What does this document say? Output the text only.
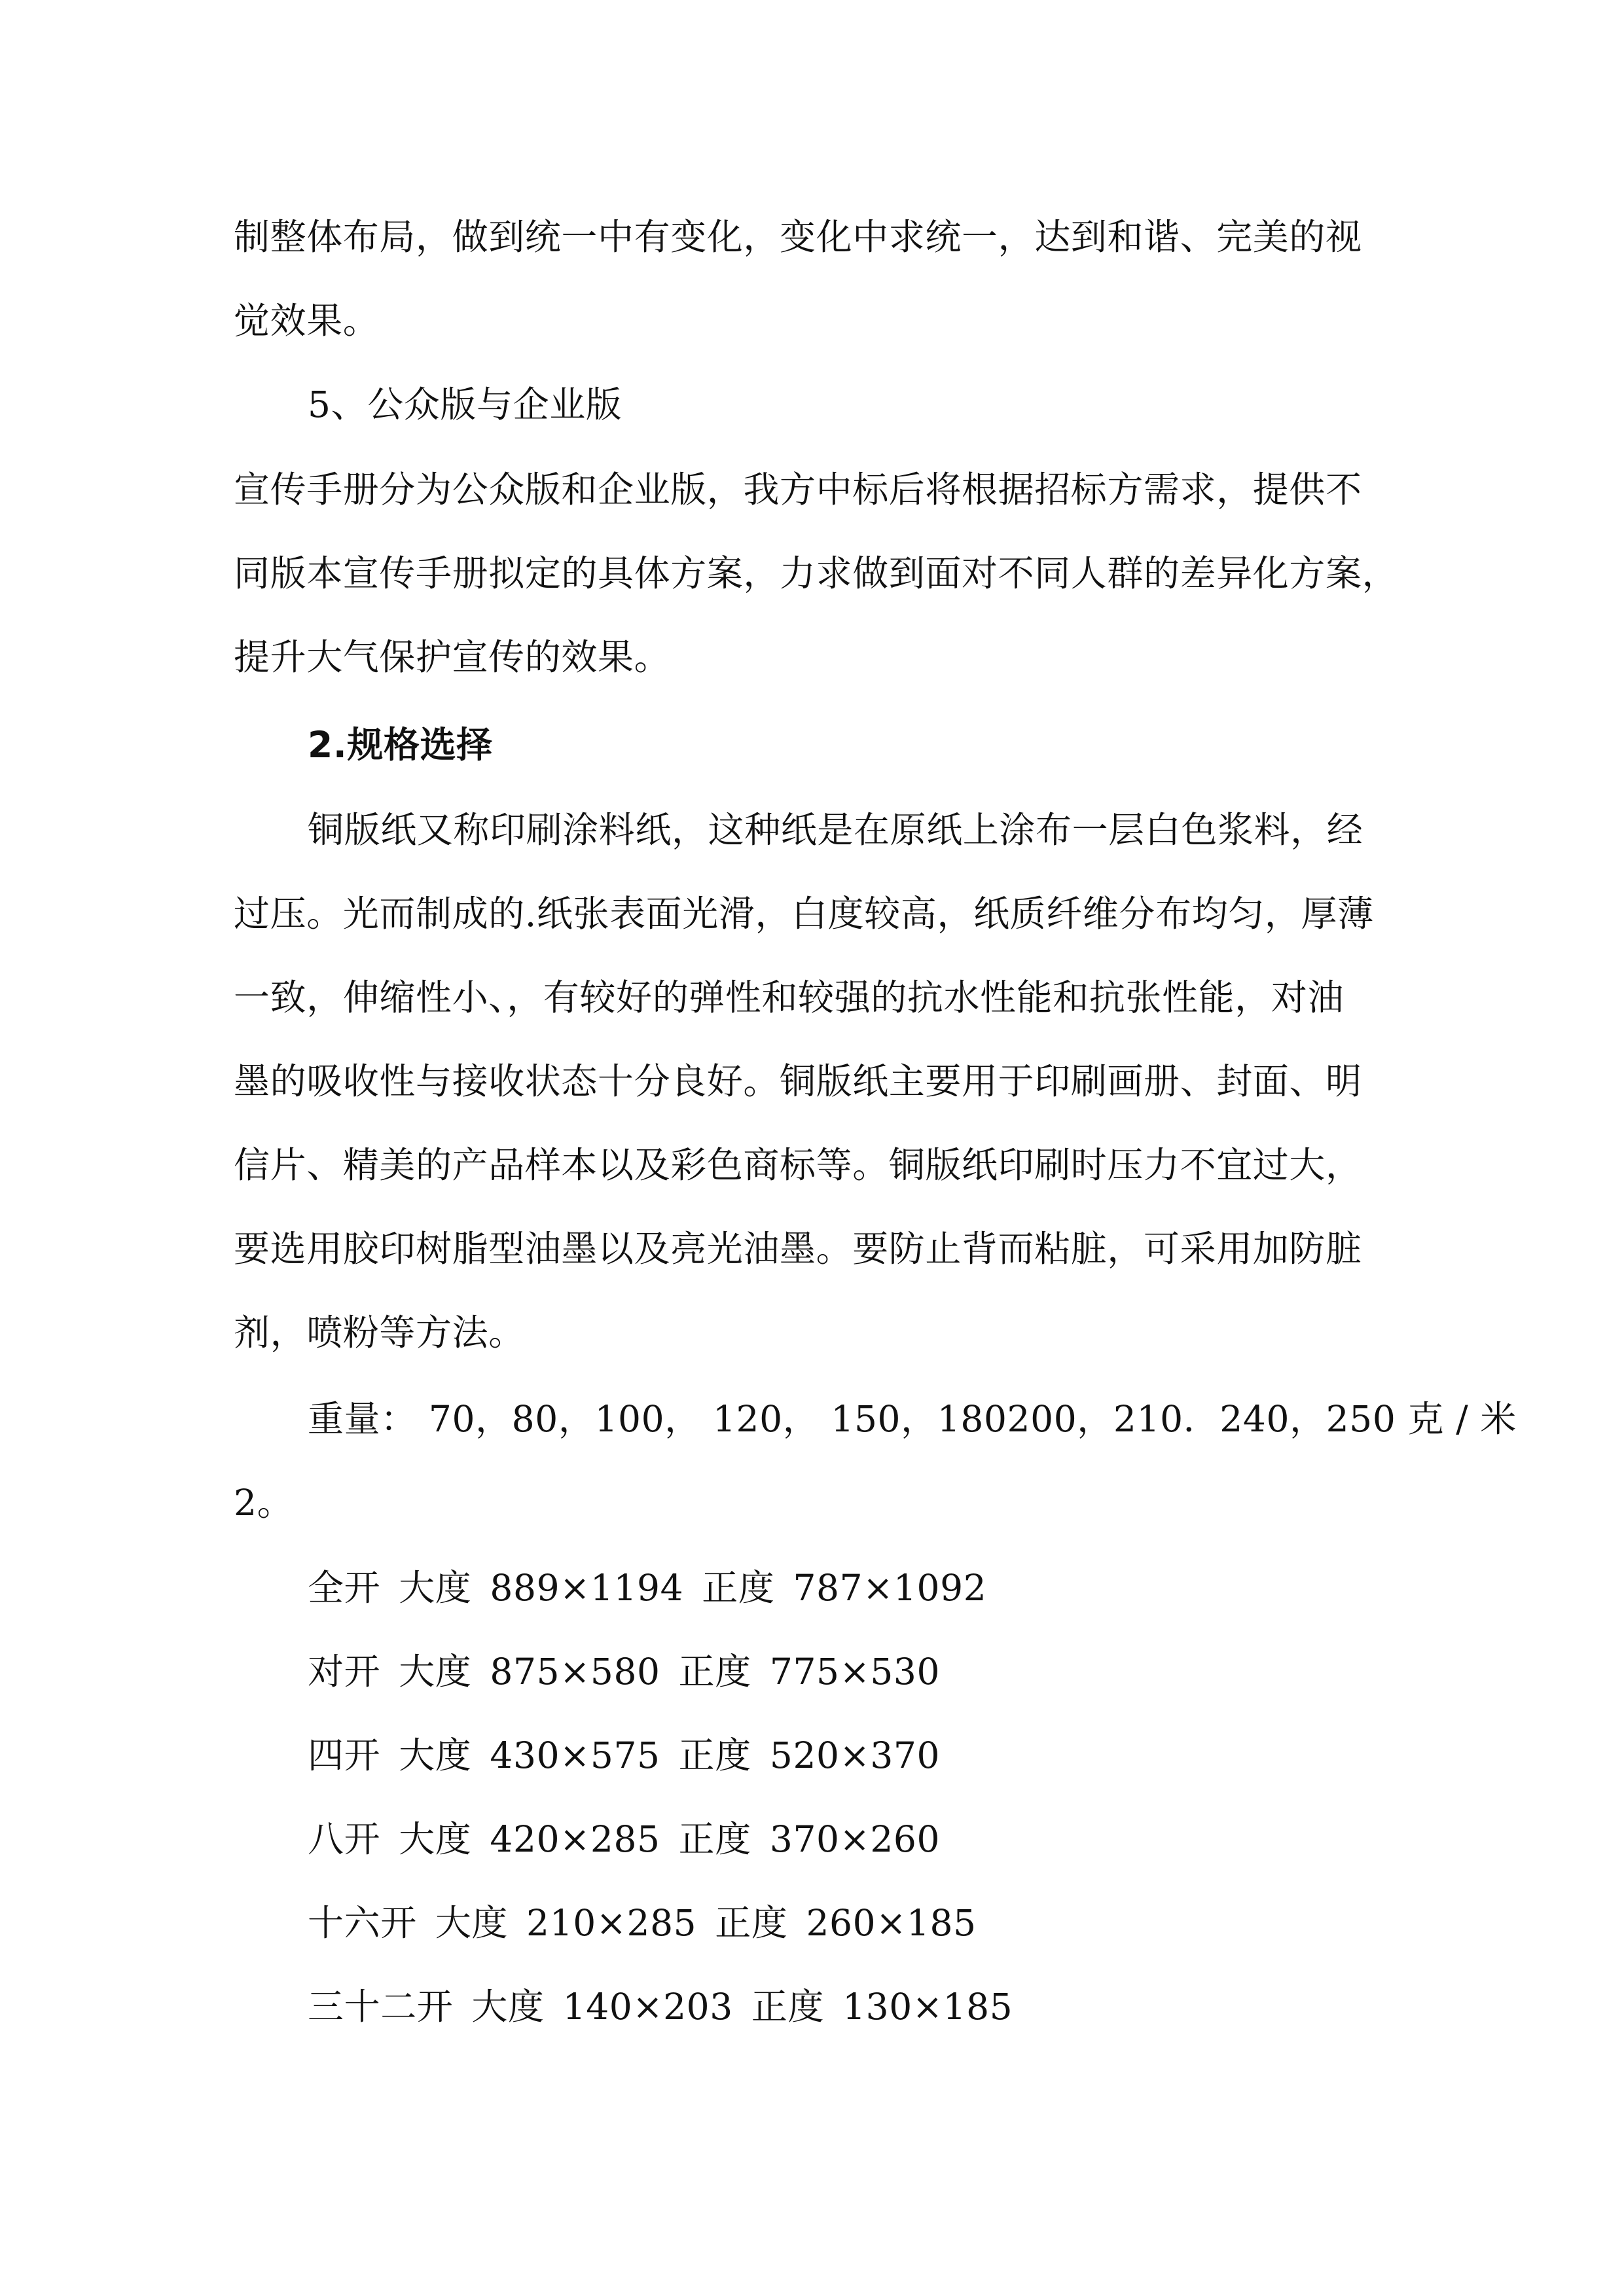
制整体布局，做到统一中有变化，变化中求统一，达到和谐、完美的视
觉效果。
5、公众版与企业版
宣传手册分为公众版和企业版，我方中标后将根据招标方需求，提供不
同版本宣传手册拟定的具体方案，力求做到面对不同人群的差异化方案，
提升大气保护宣传的效果。
2.规格选择
铜版纸又称印刷涂料纸，这种纸是在原纸上涂布一层白色浆料，经
过压。光而制成的.纸张表面光滑，白度较高，纸质纤维分布均匀，厚薄
一致，伸缩性小、，有较好的弹性和较强的抗水性能和抗张性能，对油
墨的吸收性与接收状态十分良好。铜版纸主要用于印刷画册、封面、明
信片、精美的产品样本以及彩色商标等。铜版纸印刷时压力不宜过大，
要选用胶印树脂型油墨以及亮光油墨。要防止背而粘脏，可采用加防脏
剂，喷粉等方法。
重量： 70，80，100， 120， 150，180200，210．240，250 克 / 米
2。
全开 大度 889×1194 正度 787×1092
对开 大度 875×580 正度 775×530
四开 大度 430×575 正度 520×370
八开 大度 420×285 正度 370×260
十六开 大度 210×285 正度 260×185
三十二开 大度 140×203 正度 130×185
